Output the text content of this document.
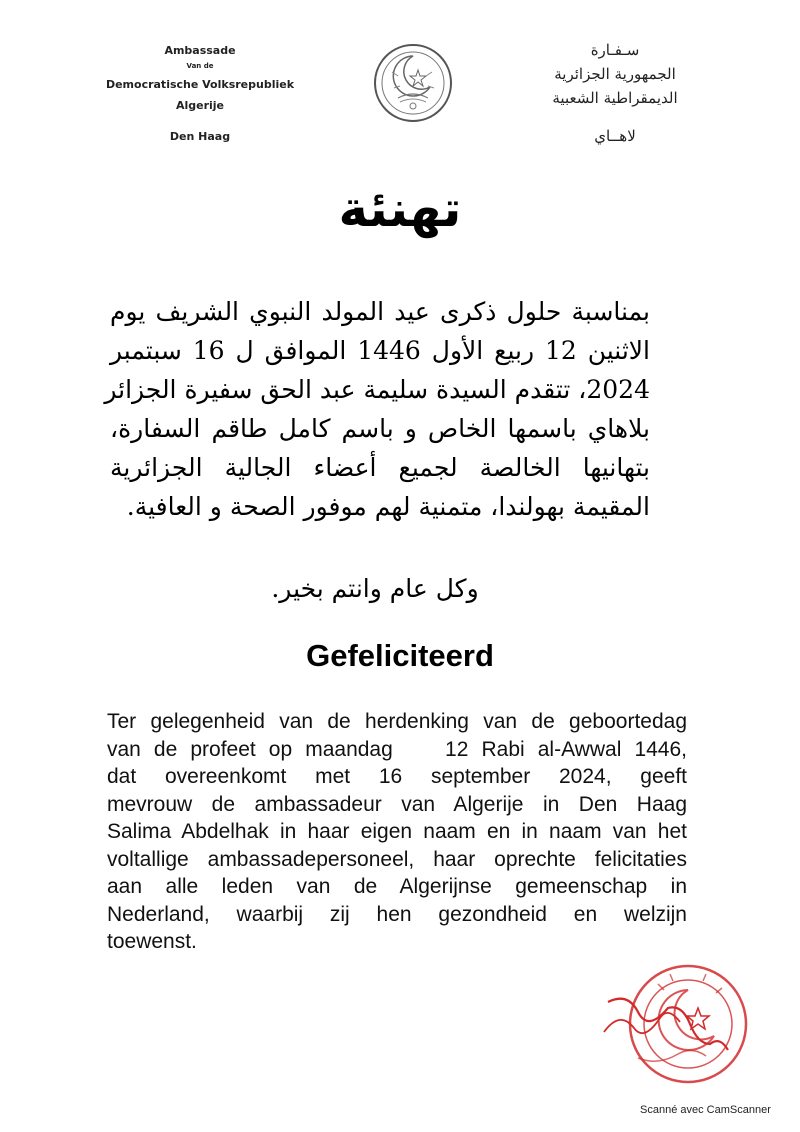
Ambassade
Van de
Democratische Volksrepubliek
Algerije
Den Haag
سـفـارة
الجمهورية الجزائرية
الديمقراطية الشعبية
لاهــاي
تهنئة
بمناسبة حلول ذكرى عيد المولد النبوي الشريف يوم
الاثنين 12 ربيع الأول 1446 الموافق ل 16 سبتمبر
2024، تتقدم السيدة سليمة عبد الحق سفيرة الجزائر
بلاهاي باسمها الخاص و باسم كامل طاقم السفارة،
بتهانيها الخالصة لجميع أعضاء الجالية الجزائرية
المقيمة بهولندا، متمنية لهم موفور الصحة و العافية.
وكل عام وانتم بخير.
Gefeliciteerd
Ter gelegenheid van de herdenking van de geboortedag
van de profeet op maandag    12 Rabi al-Awwal 1446,
dat overeenkomt met 16 september 2024, geeft
mevrouw de ambassadeur van Algerije in Den Haag
Salima Abdelhak in haar eigen naam en in naam van het
voltallige ambassadepersoneel, haar oprechte felicitaties
aan alle leden van de Algerijnse gemeenschap in
Nederland, waarbij zij hen gezondheid en welzijn
toewenst.
Scanné avec CamScanner
